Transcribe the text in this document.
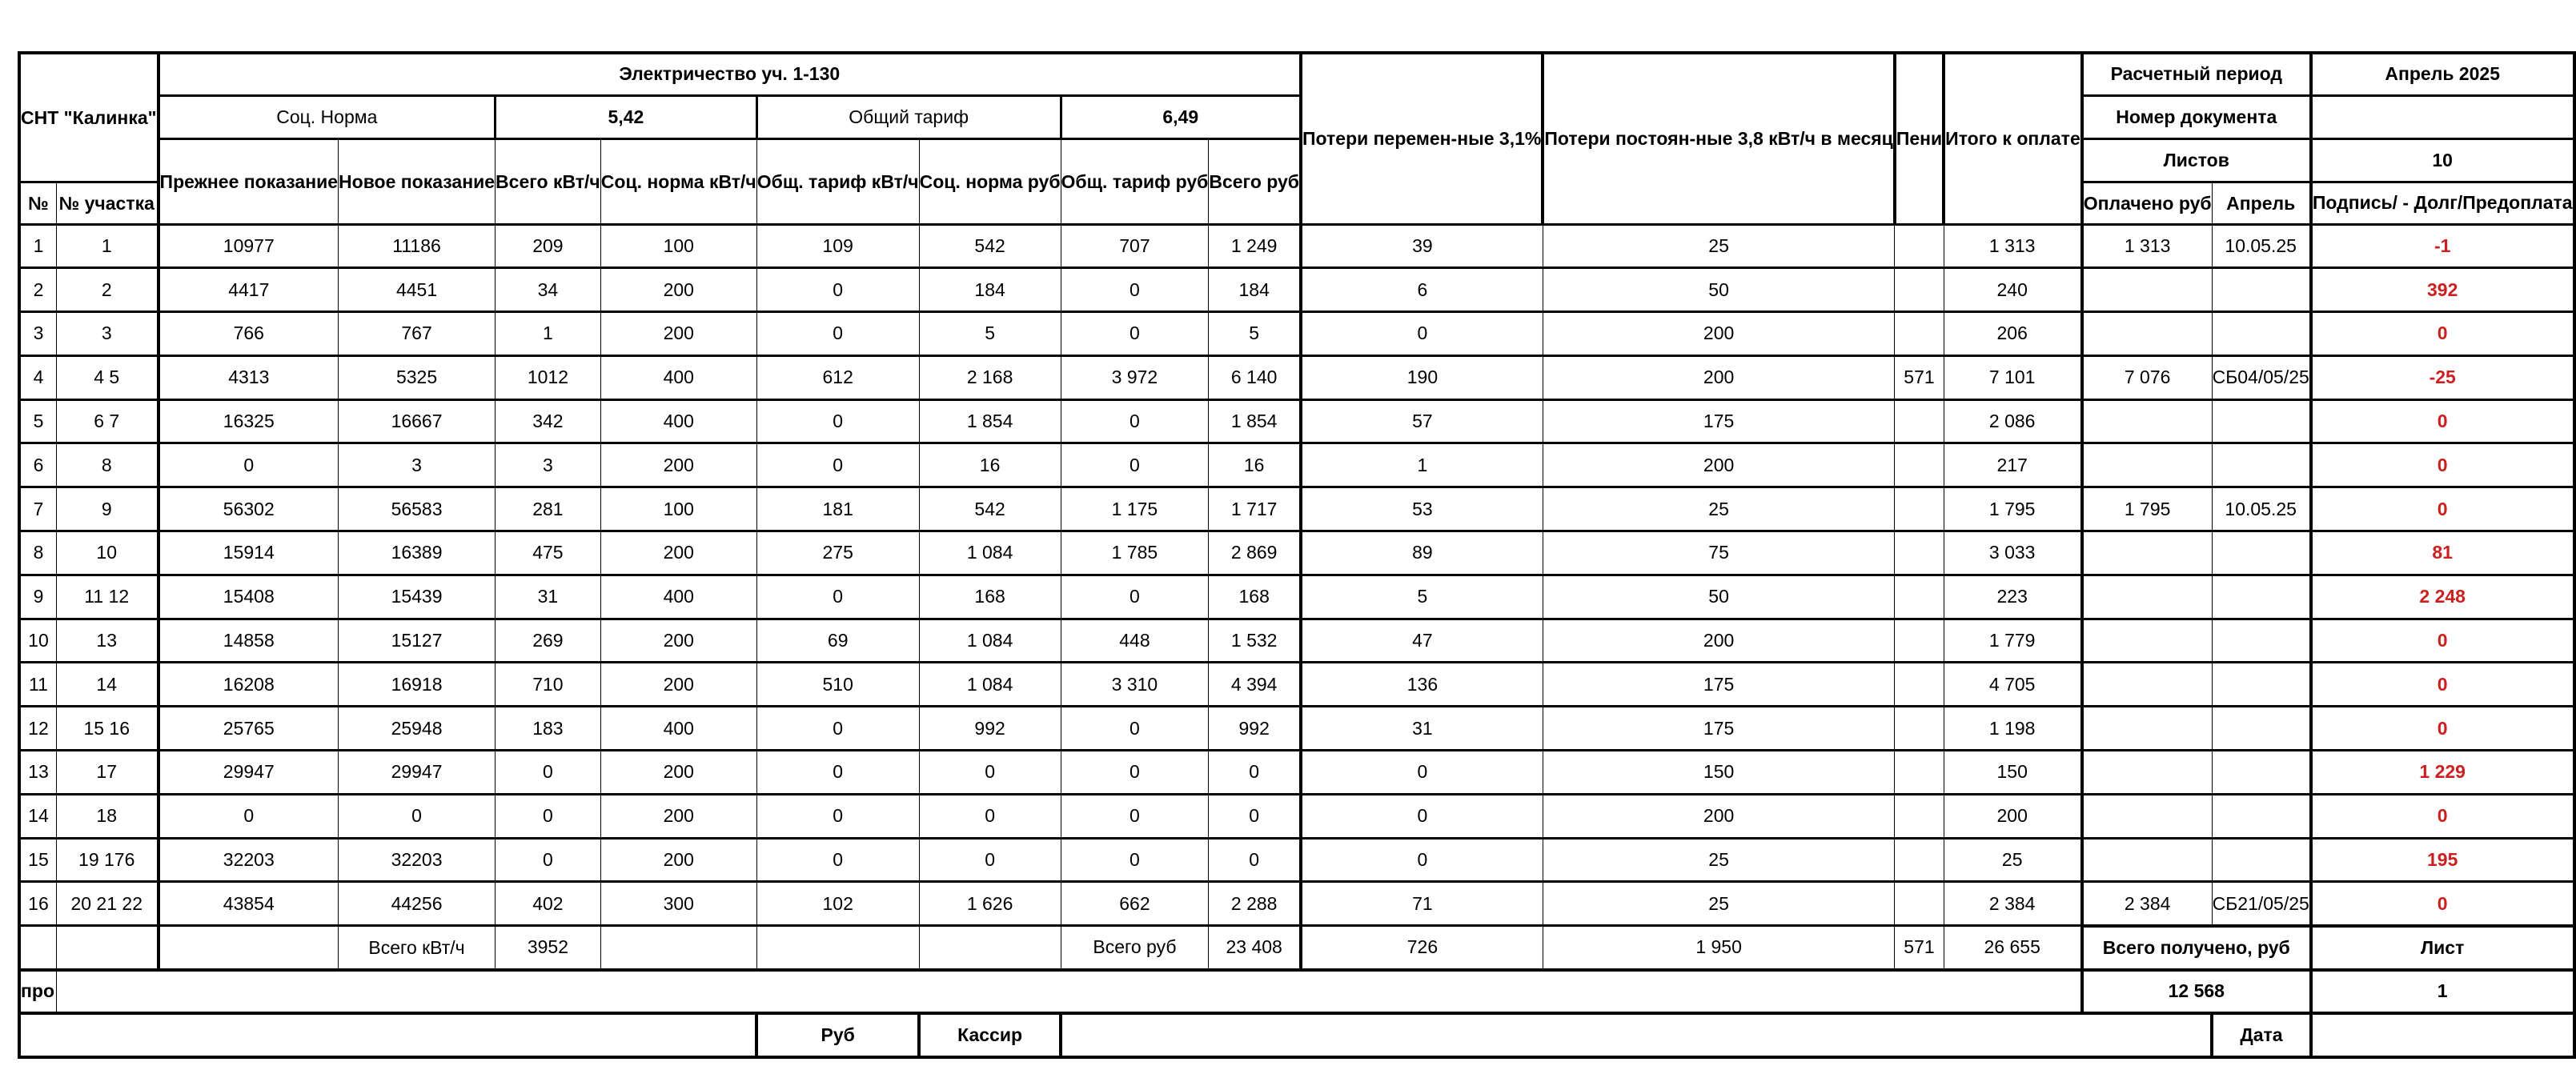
СНТ "Калинка"		Электричество уч. 1-130								Потери перемен-ные 3,1%	Потери постоян-ные 3,8 кВт/ч в месяц	Пени	Итого к оплате	Расчетный период		Апрель 2025
		Соц. Норма		5,42		Общий тариф		6,49						Номер документа		
		Прежнее показание	Новое показание	Всего кВт/ч	Соц. норма кВт/ч	Общ. тариф кВт/ч	Соц. норма руб	Общ. тариф руб	Всего руб					Листов		10
№	№ участка													Оплачено руб	Апрель	Подпись/ - Долг/Предоплата
1	1	10977	11186	209	100	109	542	707	1 249	39	25		1 313	1 313	10.05.25	-1
2	2	4417	4451	34	200	0	184	0	184	6	50		240			392
3	3	766	767	1	200	0	5	0	5	0	200		206			0
4	4 5	4313	5325	1012	400	612	2 168	3 972	6 140	190	200	571	7 101	7 076	СБ04/05/25	-25
5	6 7	16325	16667	342	400	0	1 854	0	1 854	57	175		2 086			0
6	8	0	3	3	200	0	16	0	16	1	200		217			0
7	9	56302	56583	281	100	181	542	1 175	1 717	53	25		1 795	1 795	10.05.25	0
8	10	15914	16389	475	200	275	1 084	1 785	2 869	89	75		3 033			81
9	11 12	15408	15439	31	400	0	168	0	168	5	50		223			2 248
10	13	14858	15127	269	200	69	1 084	448	1 532	47	200		1 779			0
11	14	16208	16918	710	200	510	1 084	3 310	4 394	136	175		4 705			0
12	15 16	25765	25948	183	400	0	992	0	992	31	175		1 198			0
13	17	29947	29947	0	200	0	0	0	0	0	150		150			1 229
14	18	0	0	0	200	0	0	0	0	0	200		200			0
15	19 176	32203	32203	0	200	0	0	0	0	0	25		25			195
16	20 21 22	43854	44256	402	300	102	1 626	662	2 288	71	25		2 384	2 384	СБ21/05/25	0
			Всего кВт/ч	3952				Всего руб	23 408	726	1 950	571	26 655	Всего получено, руб		Лист
про														12 568		1
						Руб	Кассир								Дата	
